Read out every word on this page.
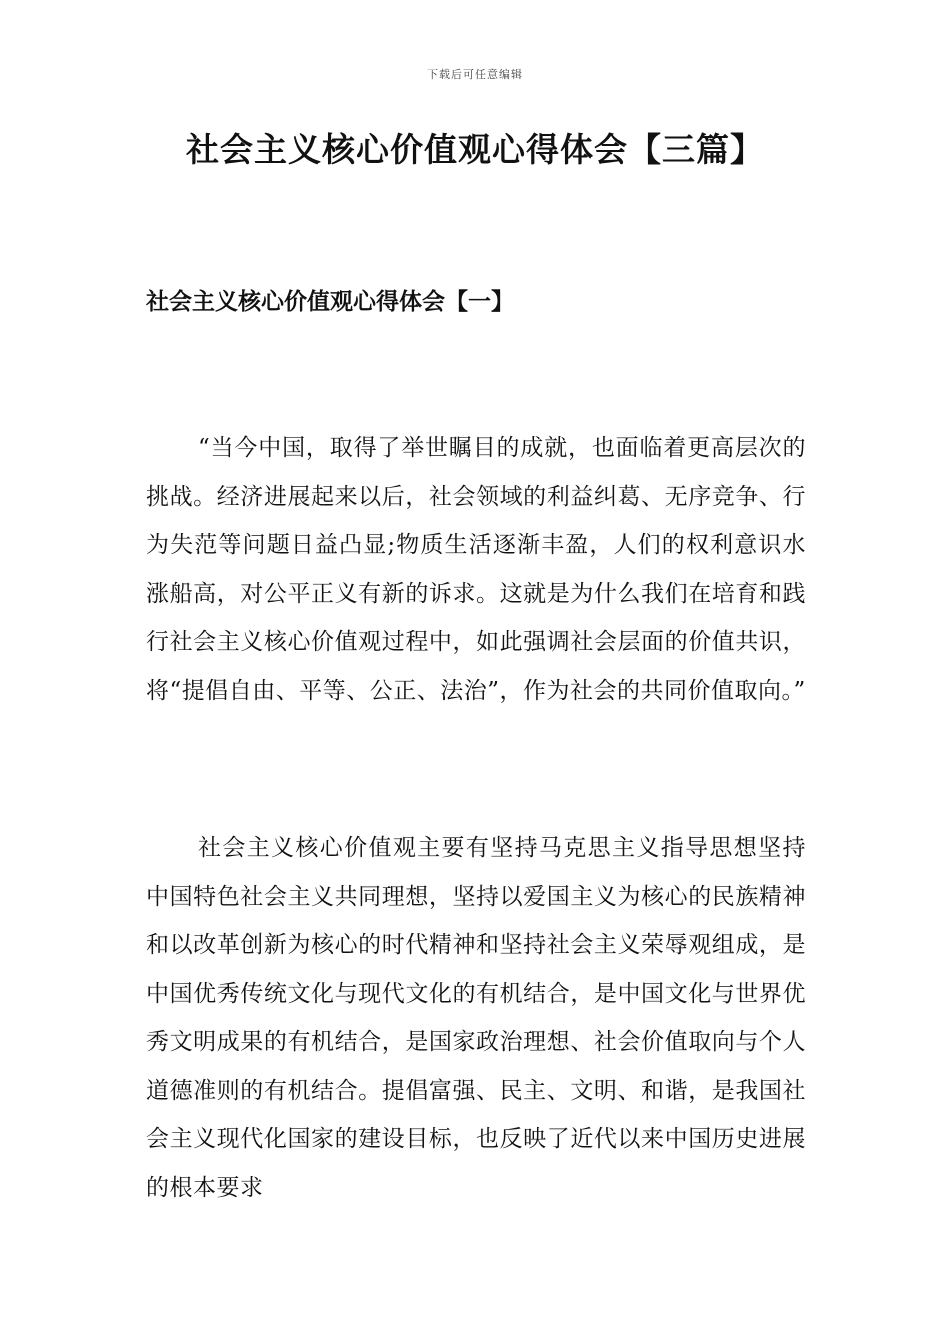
下载后可任意编辑
社会主义核心价值观心得体会【三篇】
社会主义核心价值观心得体会【一】

“当今中国，取得了举世瞩目的成就，也面临着更高层次的挑战。经济进展起来以后，社会领域的利益纠葛、无序竞争、行为失范等问题日益凸显;物质生活逐渐丰盈，人们的权利意识水涨船高，对公平正义有新的诉求。这就是为什么我们在培育和践行社会主义核心价值观过程中，如此强调社会层面的价值共识，将“提倡自由、平等、公正、法治”，作为社会的共同价值取向。”

社会主义核心价值观主要有坚持马克思主义指导思想坚持中国特色社会主义共同理想，坚持以爱国主义为核心的民族精神和以改革创新为核心的时代精神和坚持社会主义荣辱观组成，是中国优秀传统文化与现代文化的有机结合，是中国文化与世界优秀文明成果的有机结合，是国家政治理想、社会价值取向与个人道德准则的有机结合。提倡富强、民主、文明、和谐，是我国社会主义现代化国家的建设目标，也反映了近代以来中国历史进展的根本要求
